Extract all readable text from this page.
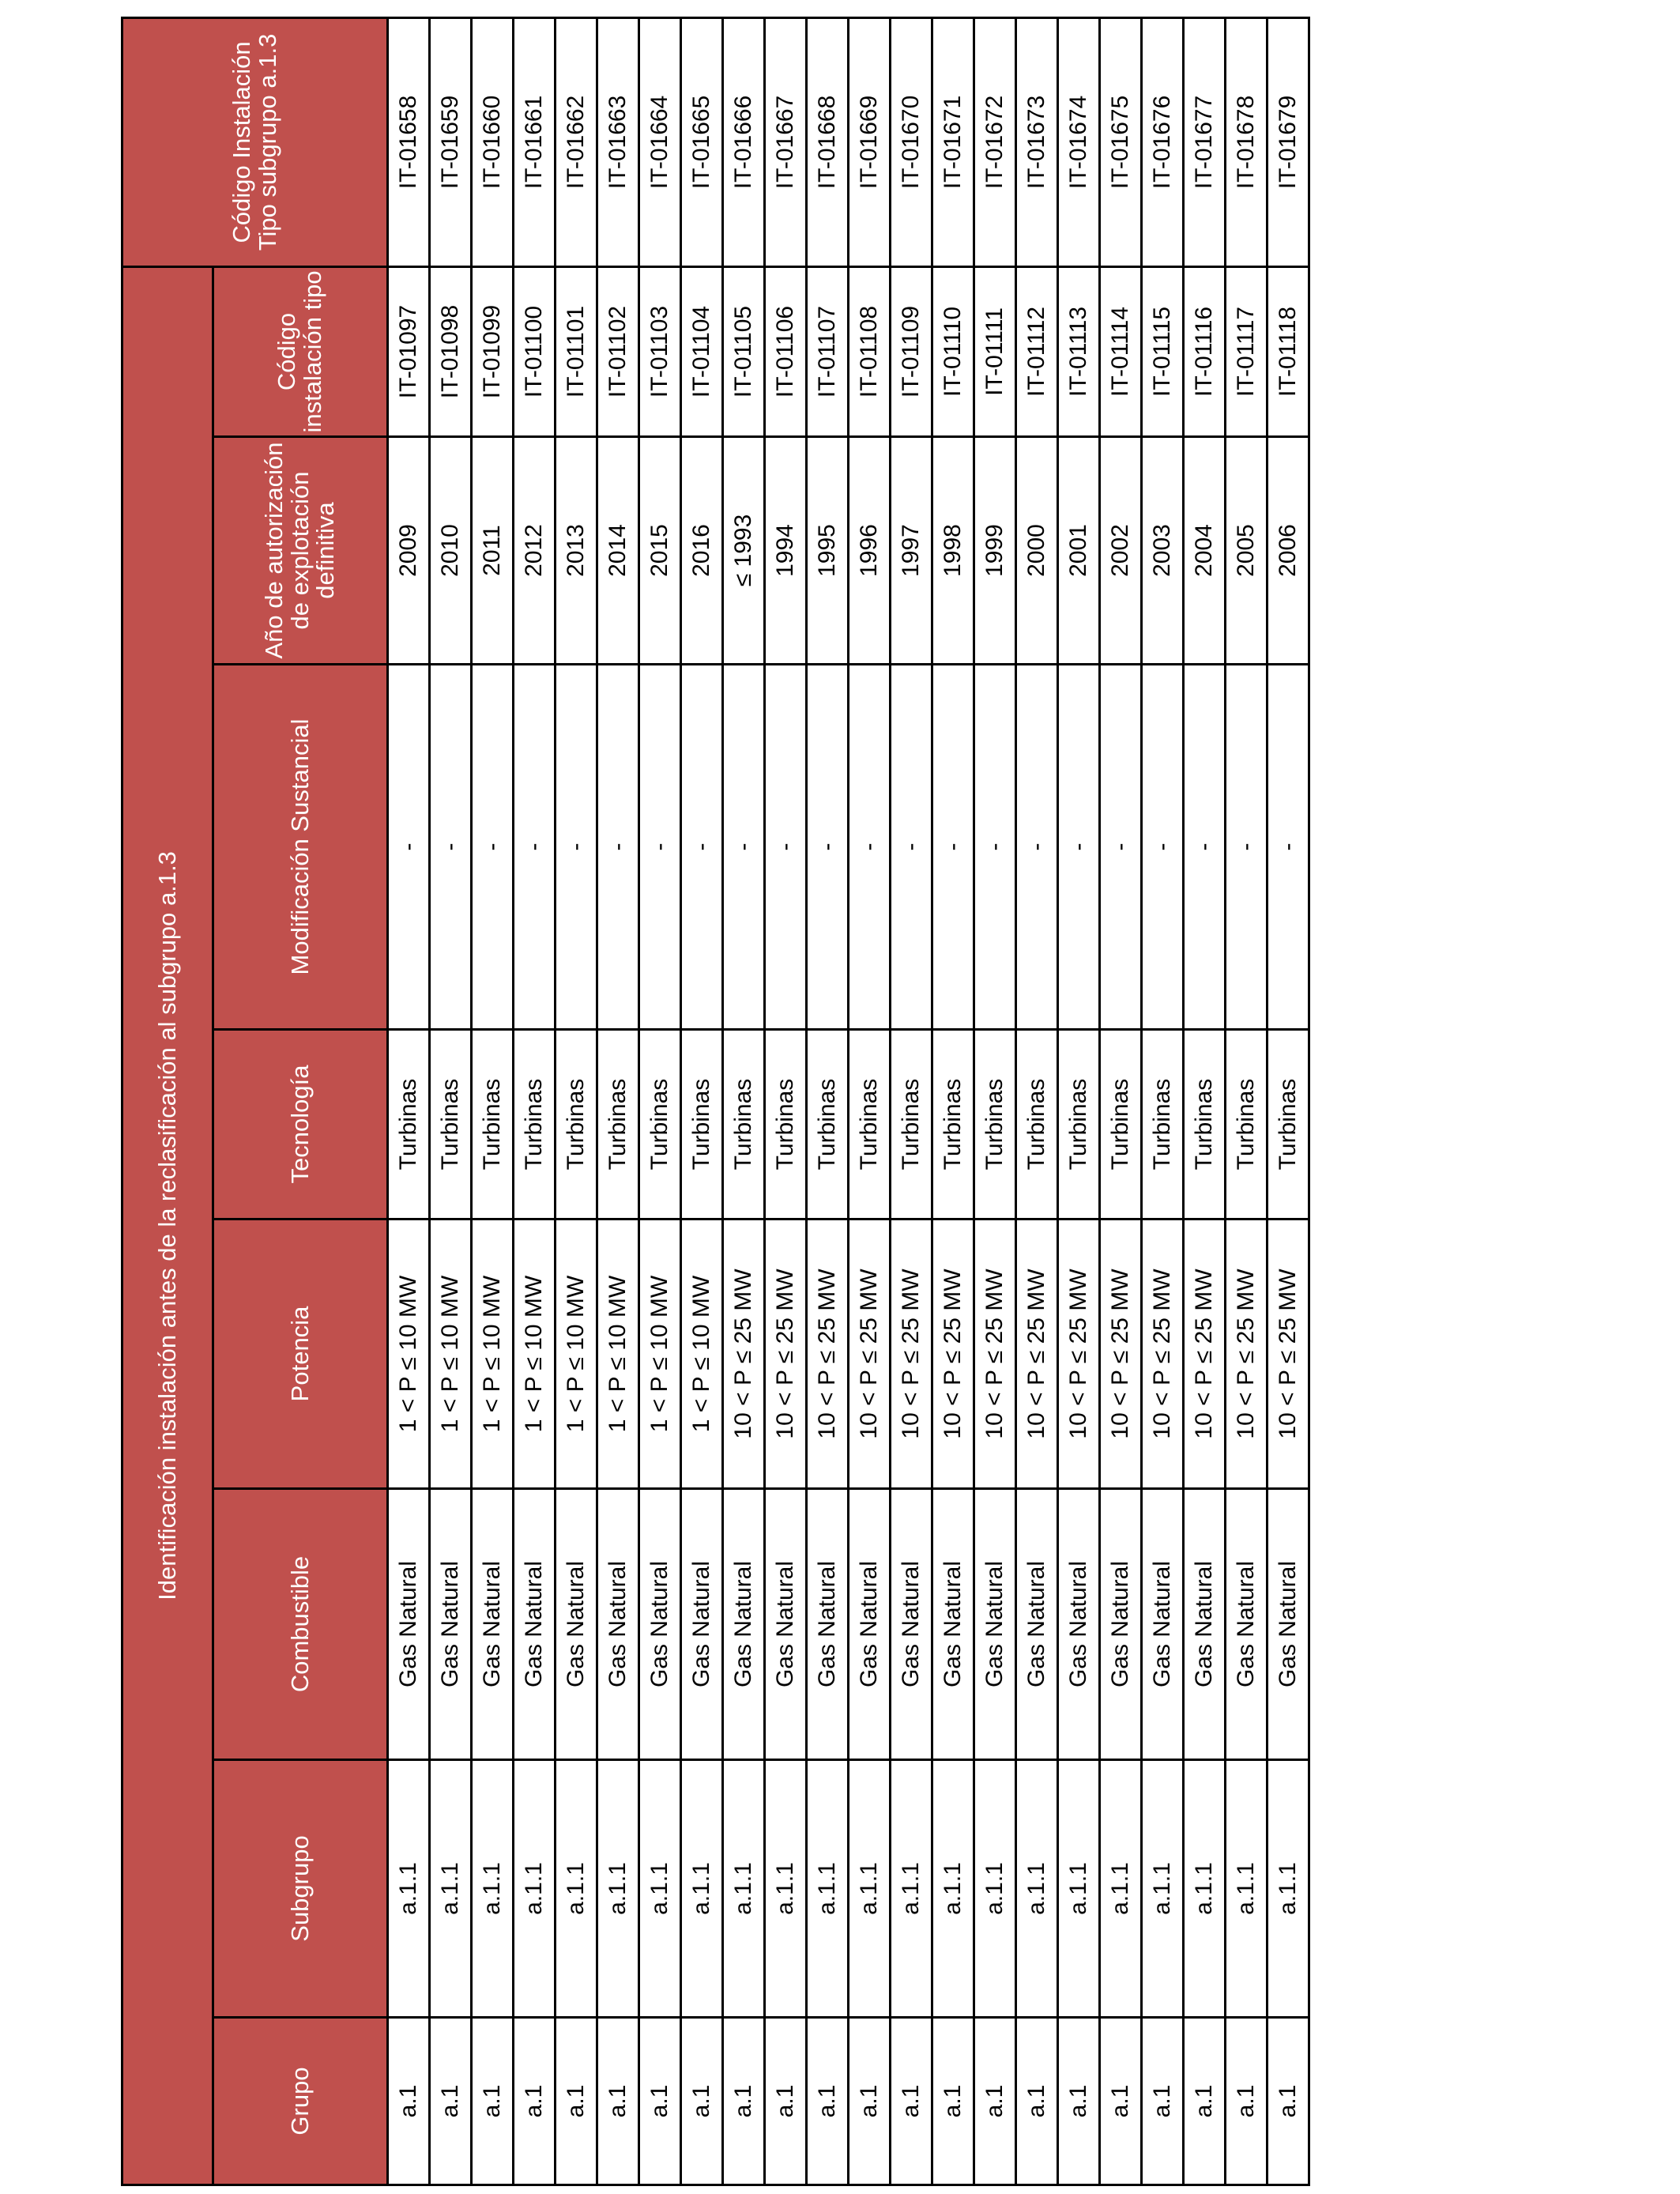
Identificación instalación antes de la reclasificación al subgrupo a.1.3								Código Instalación Tipo subgrupo a.1.3
Grupo	Subgrupo	Combustible	Potencia	Tecnología	Modificación Sustancial	Año de autorización de explotación definitiva	Código instalación tipo	
a.1	a.1.1	Gas Natural	1 < P ≤ 10 MW	Turbinas	-	2009	IT-01097	IT-01658
a.1	a.1.1	Gas Natural	1 < P ≤ 10 MW	Turbinas	-	2010	IT-01098	IT-01659
a.1	a.1.1	Gas Natural	1 < P ≤ 10 MW	Turbinas	-	2011	IT-01099	IT-01660
a.1	a.1.1	Gas Natural	1 < P ≤ 10 MW	Turbinas	-	2012	IT-01100	IT-01661
a.1	a.1.1	Gas Natural	1 < P ≤ 10 MW	Turbinas	-	2013	IT-01101	IT-01662
a.1	a.1.1	Gas Natural	1 < P ≤ 10 MW	Turbinas	-	2014	IT-01102	IT-01663
a.1	a.1.1	Gas Natural	1 < P ≤ 10 MW	Turbinas	-	2015	IT-01103	IT-01664
a.1	a.1.1	Gas Natural	1 < P ≤ 10 MW	Turbinas	-	2016	IT-01104	IT-01665
a.1	a.1.1	Gas Natural	10 < P ≤ 25 MW	Turbinas	-	≤ 1993	IT-01105	IT-01666
a.1	a.1.1	Gas Natural	10 < P ≤ 25 MW	Turbinas	-	1994	IT-01106	IT-01667
a.1	a.1.1	Gas Natural	10 < P ≤ 25 MW	Turbinas	-	1995	IT-01107	IT-01668
a.1	a.1.1	Gas Natural	10 < P ≤ 25 MW	Turbinas	-	1996	IT-01108	IT-01669
a.1	a.1.1	Gas Natural	10 < P ≤ 25 MW	Turbinas	-	1997	IT-01109	IT-01670
a.1	a.1.1	Gas Natural	10 < P ≤ 25 MW	Turbinas	-	1998	IT-01110	IT-01671
a.1	a.1.1	Gas Natural	10 < P ≤ 25 MW	Turbinas	-	1999	IT-01111	IT-01672
a.1	a.1.1	Gas Natural	10 < P ≤ 25 MW	Turbinas	-	2000	IT-01112	IT-01673
a.1	a.1.1	Gas Natural	10 < P ≤ 25 MW	Turbinas	-	2001	IT-01113	IT-01674
a.1	a.1.1	Gas Natural	10 < P ≤ 25 MW	Turbinas	-	2002	IT-01114	IT-01675
a.1	a.1.1	Gas Natural	10 < P ≤ 25 MW	Turbinas	-	2003	IT-01115	IT-01676
a.1	a.1.1	Gas Natural	10 < P ≤ 25 MW	Turbinas	-	2004	IT-01116	IT-01677
a.1	a.1.1	Gas Natural	10 < P ≤ 25 MW	Turbinas	-	2005	IT-01117	IT-01678
a.1	a.1.1	Gas Natural	10 < P ≤ 25 MW	Turbinas	-	2006	IT-01118	IT-01679
